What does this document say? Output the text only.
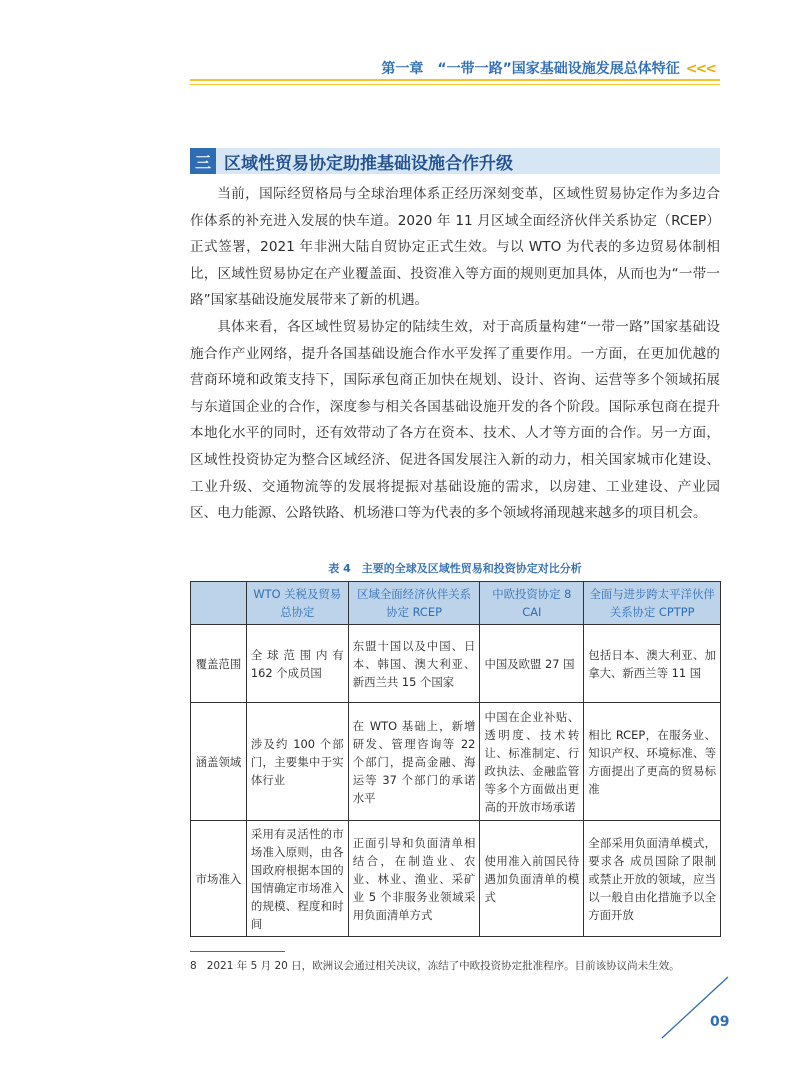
第一章　“一带一路”国家基础设施发展总体特征 <<<
三 区域性贸易协定助推基础设施合作升级

当前，国际经贸格局与全球治理体系正经历深刻变革，区域性贸易协定作为多边合作体系的补充进入发展的快车道。2020 年 11 月区域全面经济伙伴关系协定（RCEP）正式签署，2021 年非洲大陆自贸协定正式生效。与以 WTO 为代表的多边贸易体制相比，区域性贸易协定在产业覆盖面、投资准入等方面的规则更加具体，从而也为“一带一路”国家基础设施发展带来了新的机遇。

具体来看，各区域性贸易协定的陆续生效，对于高质量构建“一带一路”国家基础设施合作产业网络，提升各国基础设施合作水平发挥了重要作用。一方面，在更加优越的营商环境和政策支持下，国际承包商正加快在规划、设计、咨询、运营等多个领域拓展与东道国企业的合作，深度参与相关各国基础设施开发的各个阶段。国际承包商在提升本地化水平的同时，还有效带动了各方在资本、技术、人才等方面的合作。另一方面，区域性投资协定为整合区域经济、促进各国发展注入新的动力，相关国家城市化建设、工业升级、交通物流等的发展将提振对基础设施的需求，以房建、工业建设、产业园区、电力能源、公路铁路、机场港口等为代表的多个领域将涌现越来越多的项目机会。

表 4　主要的全球及区域性贸易和投资协定对比分析
	WTO 关税及贸易总协定	区域全面经济伙伴关系协定 RCEP	中欧投资协定 8 CAI	全面与进步跨太平洋伙伴关系协定 CPTPP
覆盖范围	全球范围内有 162 个成员国	东盟十国以及中国、日本、韩国、澳大利亚、新西兰共 15 个国家	中国及欧盟 27 国	包括日本、澳大利亚、加拿大、新西兰等 11 国
涵盖领域	涉及约 100 个部门，主要集中于实体行业	在 WTO 基础上，新增研发、管理咨询等 22 个部门，提高金融、海运等 37 个部门的承诺水平	中国在企业补贴、透明度、技术转让、标准制定、行政执法、金融监管等多个方面做出更高的开放市场承诺	相比 RCEP，在服务业、知识产权、环境标准、等方面提出了更高的贸易标准
市场准入	采用有灵活性的市场准入原则，由各国政府根据本国的国情确定市场准入的规模、程度和时间	正面引导和负面清单相结合，在制造业、农业、林业、渔业、采矿业 5 个非服务业领域采用负面清单方式	使用准入前国民待遇加负面清单的模式	全部采用负面清单模式，要求各 成员国除了限制或禁止开放的领域，应当以一般自由化措施予以全方面开放
8 2021 年 5 月 20 日，欧洲议会通过相关决议，冻结了中欧投资协定批准程序。目前该协议尚未生效。
09
